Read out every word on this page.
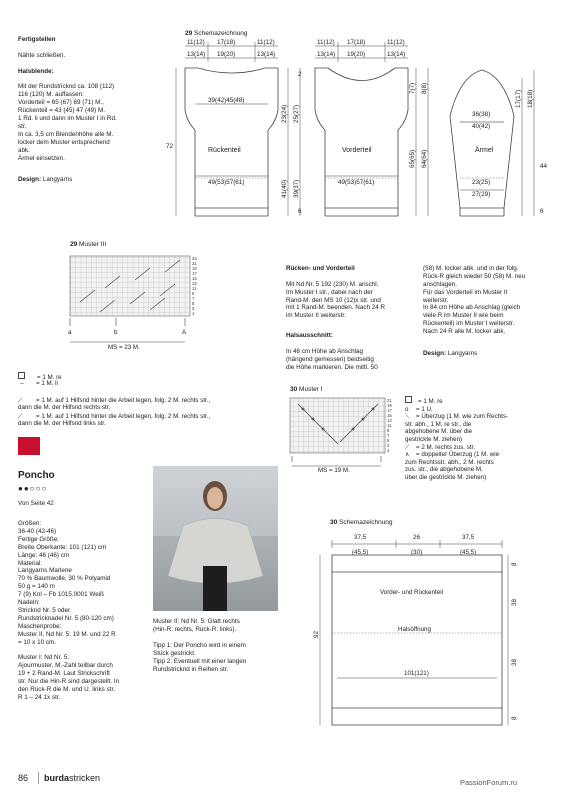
Fertigstellen

Nähte schließen.

Halsblende:

Mit der Rundstricknd ca. 108 (112)
116 (120) M. auffassen:
Vorderteil = 65 (67) 69 (71) M.,
Rückenteil = 43 (45) 47 (49) M.
1 Rd. li und dann im Muster I in Rd.
str.
In ca. 3,5 cm Blendenhöhe alle M.
locker dem Muster entsprechend
abk.
Ärmel einsetzen.

Design: Langyarns

29 Schemazeichnung
11(12) 17(18)	11(12)
13(14) 19(20)	13(14)
11(12) 17(18)	11(12)
13(14) 19(20)	13(14)
39(42)45(48)
Rückenteil
49(53)57(61)
Vorderteil
49(53)57(61)
36(38)
40(42)
Ärmel
23(25)
27(29)
72
6
2
23(24) 25(27)
41(40) 39(37)
7(7) 8(8)
65(65) 64(64)
17(17) 18(18)
44
6
29 Muster III
a	b	A
MS = 23 M.
23
21
19
17
15
13
11
9
7
5
3
1

Rücken- und Vorderteil

Mit Nd Nr. 5 192 (230) M. anschl.
Im Muster I str., dabei nach der
Rand-M. den MS 10 (12)x str. und
mit 1 Rand-M. beenden. Nach 24 R
im Muster II weiterstr.

Halsausschnitt:

In 46 cm Höhe ab Anschlag
(hängend gemessen) beidseitig
die Höhe markieren. Die mittl. 50

(58) M. locker abk. und in der folg.
Rück-R gleich wieder 50 (58) M. neu
anschlagen.
Für das Vorderteil im Muster II
weiterstr.
In 84 cm Höhe ab Anschlag (gleich
viele R im Muster II wie beim
Rückenteil) im Muster I weiterstr.
Nach 24 R alle M. locker abk.

Design: Langyarns

= 1 M. re
– = 1 M. li

⟋ = 1 M. auf 1 Hilfsnd hinter die Arbeit legen, folg. 2 M. rechts str.,
dann die M. der Hilfsnd rechts str.

⟋ = 1 M. auf 1 Hilfsnd hinter die Arbeit legen, folg. 2 M. rechts str.,
dann die M. der Hilfsnd links str.

30 Muster I
MS = 19 M.
21
19
17
15
13
11
9
7
5
3
1
= 1 M. re
o = 1 U.
⟍ = Überzug (1 M. wie zum Rechts-
str. abh., 1 M. re str., die
abgehobene M. über die
gestrickte M. ziehen)
⟋ = 2 M. rechts zus. str.
∧ = doppelter Überzug (1 M. wie
zum Rechtsstr. abh., 2 M. rechts
zus. str., die abgehobene M.
über die gestrickte M. ziehen)
30
Poncho
●●○○○
Von Seite 42
Größen:
36-40 (42-46)
Fertige Größe:
Breite Oberkante: 101 (121) cm
Länge: 46 (46) cm
Material:
Langyarns Marlene
70 % Baumwolle, 30 % Polyamid
50 g = 140 m
7 (9) Knl – Fb 1015.0001 Weiß
Nadeln:
Stricknd Nr. 5 oder
Rundstricknadel Nr. 5 (80-120 cm)
Maschenprobe:
Muster II, Nd Nr. 5: 19 M. und 22 R
= 10 x 10 cm.

Muster I: Nd Nr. 5:
Ajourmuster, M.-Zahl teilbar durch
19 + 2 Rand-M. Laut Strickschrift
str. Nur die Hin-R sind dargestellt. In
den Rück-R die M. und U. links str.
R 1 – 24 1x str.
Muster II: Nd Nr. 5: Glatt rechts
(Hin-R: rechts, Rück-R: links).
Tipp 1: Der Poncho wird in einem
Stück gestrickt.
Tipp 2: Eventuell mit einer langen
Rundstricknd in Reihen str.
30 Schemazeichnung
37,5	26	37,5
(45,5)	(30)	(45,5)
Vorder- und Rückenteil
Halsöffnung
101(121)
92
8
38
38
8
86 burdastricken	PassionForum.ru
